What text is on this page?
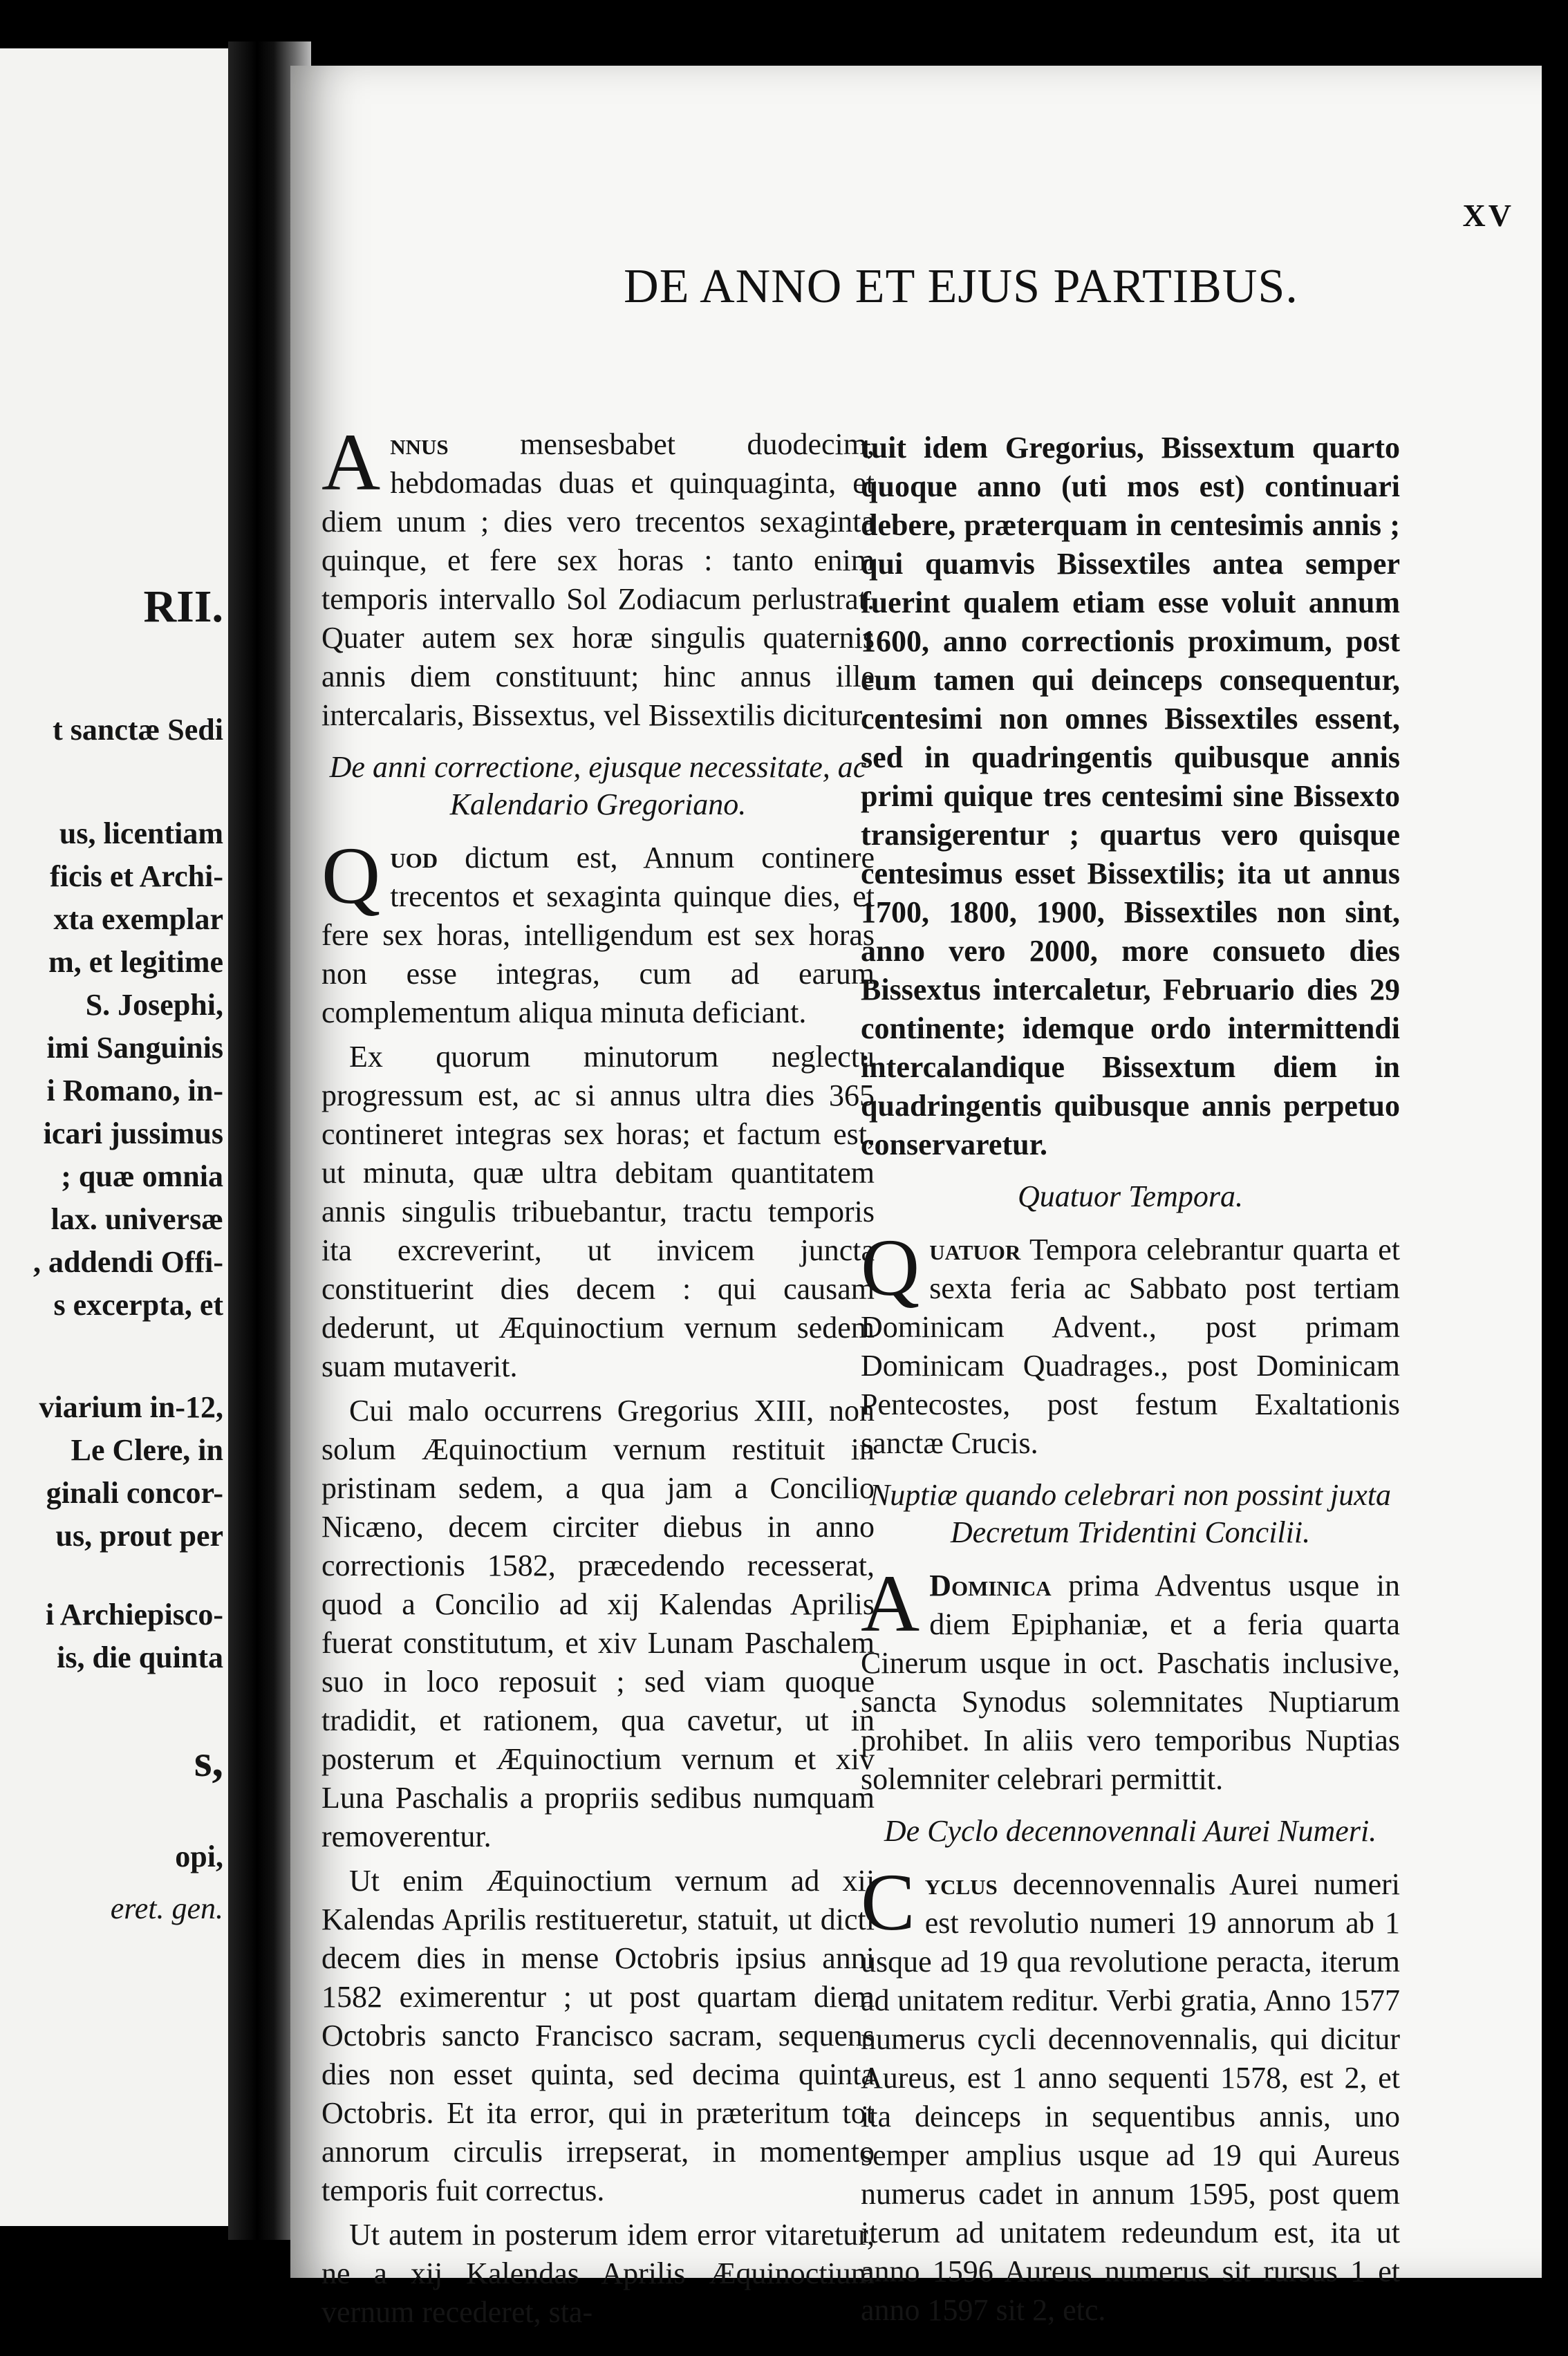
RII.
t sanctæ Sedi
us, licentiam
ficis et Archi-
xta exemplar
m, et legitime
S. Josephi,
imi Sanguinis
i Romano, in-
icari jussimus
; quæ omnia
lax. universæ
, addendi Offi-
s excerpta, et
viarium in-12,
Le Clere, in
ginali concor-
us, prout per
i Archiepisco-
is, die quinta
s,
opi,
eret. gen.
XV
DE ANNO ET EJUS PARTIBUS.

Annus mensesbabet duodecim, hebdomadas duas et quinquaginta, et diem unum ; dies vero trecentos sexaginta quinque, et fere sex horas : tanto enim temporis intervallo Sol Zodiacum perlustrat. Quater autem sex horæ singulis quaternis annis diem constituunt; hinc annus ille intercalaris, Bissextus, vel Bissextilis dicitur.

De anni correctione, ejusque necessitate, ac Kalendario Gregoriano.

Quod dictum est, Annum continere trecentos et sexaginta quinque dies, et fere sex horas, intelligendum est sex horas non esse integras, cum ad earum complementum aliqua minuta deficiant.

Ex quorum minutorum neglectu progressum est, ac si annus ultra dies 365 contineret integras sex horas; et factum est, ut minuta, quæ ultra debitam quantitatem annis singulis tribuebantur, tractu temporis ita excreverint, ut invicem juncta constituerint dies decem : qui causam dederunt, ut Æquinoctium vernum sedem suam mutaverit.

Cui malo occurrens Gregorius XIII, non solum Æquinoctium vernum restituit in pristinam sedem, a qua jam a Concilio Nicæno, decem circiter diebus in anno correctionis 1582, præcedendo recesserat, quod a Concilio ad xij Kalendas Aprilis fuerat constitutum, et xiv Lunam Paschalem suo in loco reposuit ; sed viam quoque tradidit, et rationem, qua cavetur, ut in posterum et Æquinoctium vernum et xiv Luna Paschalis a propriis sedibus numquam removerentur.

Ut enim Æquinoctium vernum ad xij Kalendas Aprilis restitueretur, statuit, ut dicti decem dies in mense Octobris ipsius anni 1582 eximerentur ; ut post quartam diem Octobris sancto Francisco sacram, sequens dies non esset quinta, sed decima quinta Octobris. Et ita error, qui in præteritum tot annorum circulis irrepserat, in momento temporis fuit correctus.

Ut autem in posterum idem error vitaretur, ne a xij Kalendas Aprilis Æquinoctium vernum recederet, sta-

tuit idem Gregorius, Bissextum quarto quoque anno (uti mos est) continuari debere, præterquam in centesimis annis ; qui quamvis Bissextiles antea semper fuerint qualem etiam esse voluit annum 1600, anno correctionis proximum, post eum tamen qui deinceps consequentur, centesimi non omnes Bissextiles essent, sed in quadringentis quibusque annis primi quique tres centesimi sine Bissexto transigerentur ; quartus vero quisque centesimus esset Bissextilis; ita ut annus 1700, 1800, 1900, Bissextiles non sint, anno vero 2000, more consueto dies Bissextus intercaletur, Februario dies 29 continente; idemque ordo intermittendi intercalandique Bissextum diem in quadringentis quibusque annis perpetuo conservaretur.

Quatuor Tempora.

Quatuor Tempora celebrantur quarta et sexta feria ac Sabbato post tertiam Dominicam Advent., post primam Dominicam Quadrages., post Dominicam Pentecostes, post festum Exaltationis sanctæ Crucis.

Nuptiæ quando celebrari non possint juxta Decretum Tridentini Concilii.

A Dominica prima Adventus usque in diem Epiphaniæ, et a feria quarta Cinerum usque in oct. Paschatis inclusive, sancta Synodus solemnitates Nuptiarum prohibet. In aliis vero temporibus Nuptias solemniter celebrari permittit.

De Cyclo decennovennali Aurei Numeri.

Cyclus decennovennalis Aurei numeri est revolutio numeri 19 annorum ab 1 usque ad 19 qua revolutione peracta, iterum ad unitatem reditur. Verbi gratia, Anno 1577 numerus cycli decennovennalis, qui dicitur Aureus, est 1 anno sequenti 1578, est 2, et ita deinceps in sequentibus annis, uno semper amplius usque ad 19 qui Aureus numerus cadet in annum 1595, post quem iterum ad unitatem redeundum est, ita ut anno 1596 Aureus numerus sit rursus 1 et anno 1597 sit 2, etc.
